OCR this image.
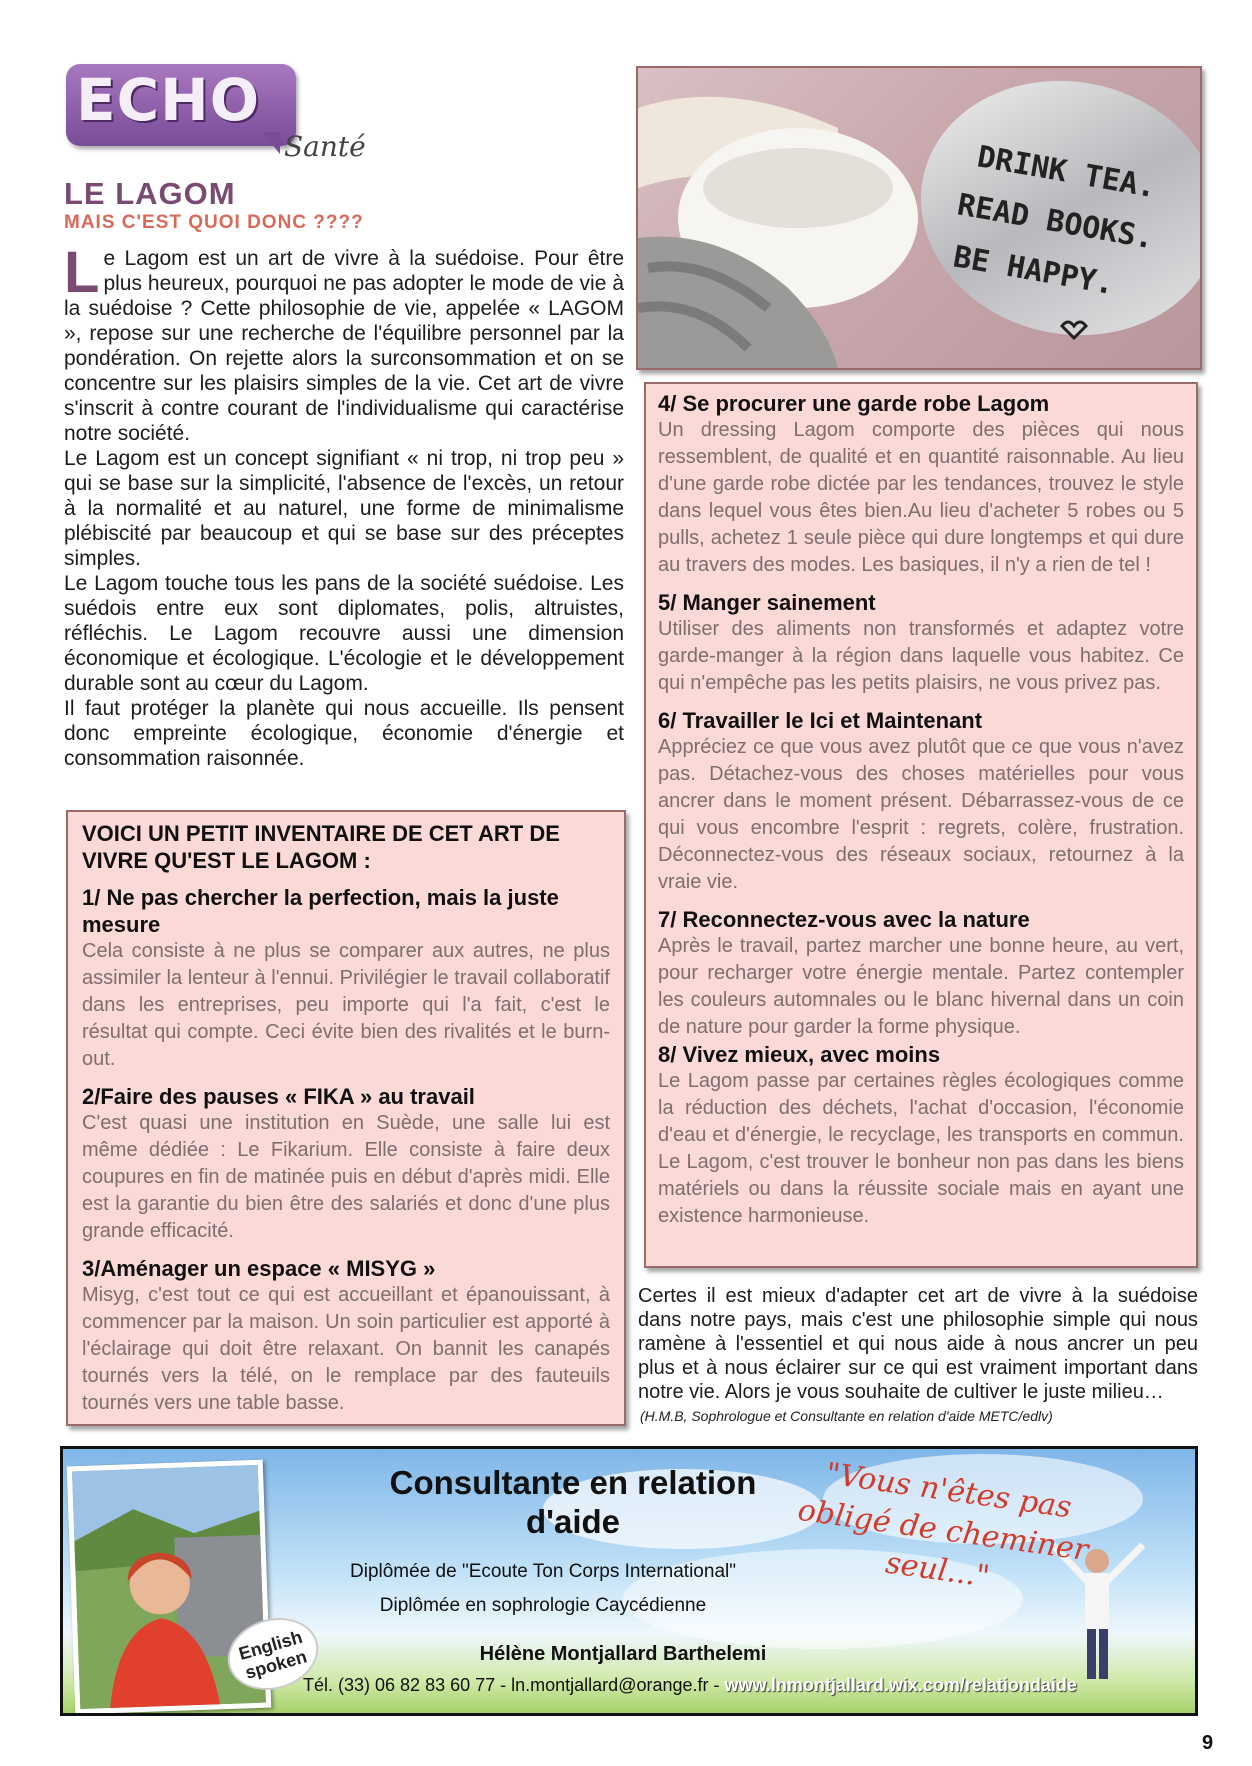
ECHO
Santé
LE LAGOM
MAIS C'EST QUOI DONC ????

Le Lagom est un art de vivre à la suédoise. Pour être plus heureux, pourquoi ne pas adopter le mode de vie à la suédoise ? Cette philosophie de vie, appelée « LAGOM », repose sur une recherche de l'équilibre personnel par la pondération. On rejette alors la surconsommation et on se concentre sur les plaisirs simples de la vie. Cet art de vivre s'inscrit à contre courant de l'individualisme qui caractérise notre société.

Le Lagom est un concept signifiant « ni trop, ni trop peu » qui se base sur la simplicité, l'absence de l'excès, un retour à la normalité et au naturel, une forme de minimalisme plébiscité par beaucoup et qui se base sur des préceptes simples.

Le Lagom touche tous les pans de la société suédoise. Les suédois entre eux sont diplomates, polis, altruistes, réfléchis. Le Lagom recouvre aussi une dimension économique et écologique. L'écologie et le développement durable sont au cœur du Lagom.

Il faut protéger la planète qui nous accueille. Ils pensent donc empreinte écologique, économie d'énergie et consommation raisonnée.

VOICI UN PETIT INVENTAIRE DE CET ART DE VIVRE QU'EST LE LAGOM :

1/ Ne pas chercher la perfection, mais la juste mesure

Cela consiste à ne plus se comparer aux autres, ne plus assimiler la lenteur à l'ennui. Privilégier le travail collaboratif dans les entreprises, peu importe qui l'a fait, c'est le résultat qui compte. Ceci évite bien des rivalités et le burn-out.

2/Faire des pauses « FIKA » au travail

C'est quasi une institution en Suède, une salle lui est même dédiée : Le Fikarium. Elle consiste à faire deux coupures en fin de matinée puis en début d'après midi. Elle est la garantie du bien être des salariés et donc d'une plus grande efficacité.

3/Aménager un espace « MISYG »

Misyg, c'est tout ce qui est accueillant et épanouissant, à commencer par la maison. Un soin particulier est apporté à l'éclairage qui doit être relaxant. On bannit les canapés tournés vers la télé, on le remplace par des fauteuils tournés vers une table basse.

DRINK TEA.
READ BOOKS.
BE HAPPY.

4/ Se procurer une garde robe Lagom

Un dressing Lagom comporte des pièces qui nous ressemblent, de qualité et en quantité raisonnable. Au lieu d'une garde robe dictée par les tendances, trouvez le style dans lequel vous êtes bien.Au lieu d'acheter 5 robes ou 5 pulls, achetez 1 seule pièce qui dure longtemps et qui dure au travers des modes. Les basiques, il n'y a rien de tel !

5/ Manger sainement

Utiliser des aliments non transformés et adaptez votre garde-manger à la région dans laquelle vous habitez. Ce qui n'empêche pas les petits plaisirs, ne vous privez pas.

6/ Travailler le Ici et Maintenant

Appréciez ce que vous avez plutôt que ce que vous n'avez pas. Détachez-vous des choses matérielles pour vous ancrer dans le moment présent. Débarrassez-vous de ce qui vous encombre l'esprit : regrets, colère, frustration. Déconnectez-vous des réseaux sociaux, retournez à la vraie vie.

7/ Reconnectez-vous avec la nature

Après le travail, partez marcher une bonne heure, au vert, pour recharger votre énergie mentale. Partez contempler les couleurs automnales ou le blanc hivernal dans un coin de nature pour garder la forme physique.

8/ Vivez mieux, avec moins

Le Lagom passe par certaines règles écologiques comme la réduction des déchets, l'achat d'occasion, l'économie d'eau et d'énergie, le recyclage, les transports en commun. Le Lagom, c'est trouver le bonheur non pas dans les biens matériels ou dans la réussite sociale mais en ayant une existence harmonieuse.

Certes il est mieux d'adapter cet art de vivre à la suédoise dans notre pays, mais c'est une philosophie simple qui nous ramène à l'essentiel et qui nous aide à nous ancrer un peu plus et à nous éclairer sur ce qui est vraiment important dans notre vie. Alors je vous souhaite de cultiver le juste milieu…

(H.M.B, Sophrologue et Consultante en relation d'aide METC/edlv)
English spoken
Consultante en relation d'aide
Diplômée de "Ecoute Ton Corps International"
Diplômée en sophrologie Caycédienne
"Vous n'êtes pas obligé de cheminer seul..."
Hélène Montjallard Barthelemi
Tél. (33) 06 82 83 60 77 - ln.montjallard@orange.fr - www.lnmontjallard.wix.com/relationdaide
9
